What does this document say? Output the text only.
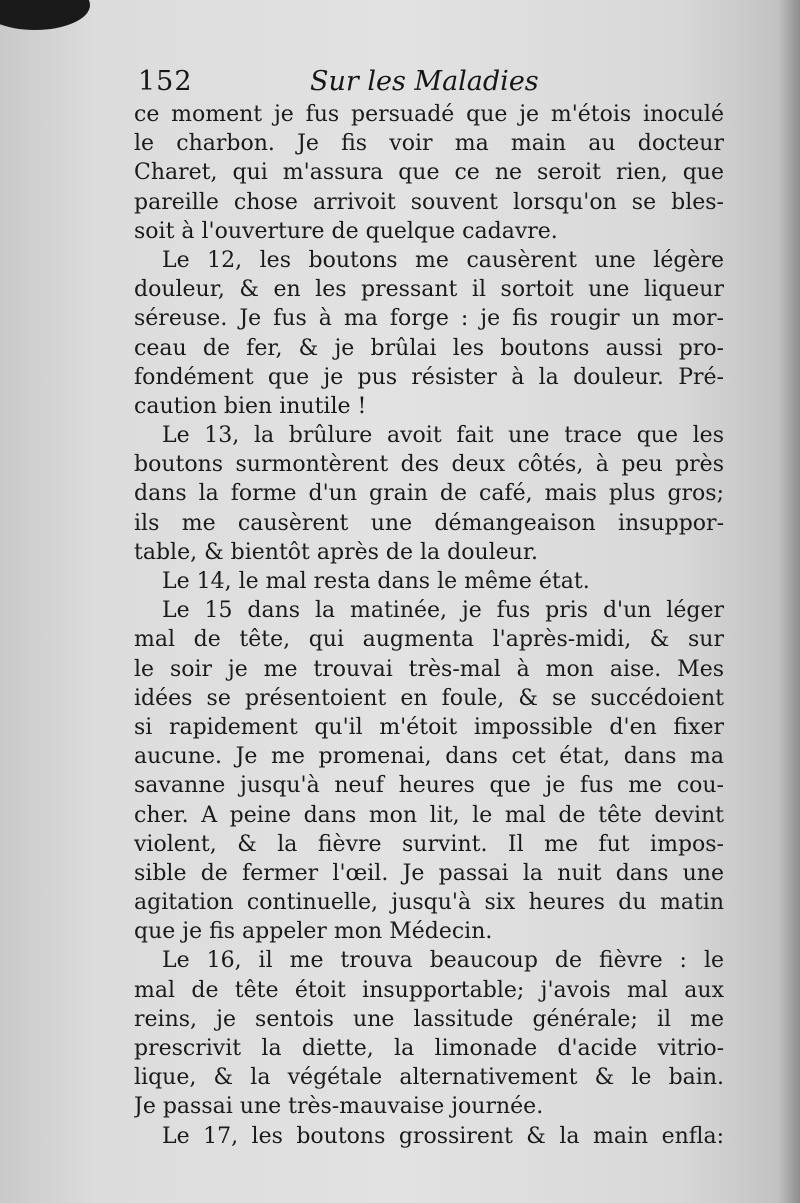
152	Sur les Maladies
ce moment je fus persuadé que je m'étois inoculé
le charbon. Je fis voir ma main au docteur
Charet, qui m'assura que ce ne seroit rien, que
pareille chose arrivoit souvent lorsqu'on se bles-
soit à l'ouverture de quelque cadavre.
Le 12, les boutons me causèrent une légère
douleur, & en les pressant il sortoit une liqueur
séreuse. Je fus à ma forge : je fis rougir un mor-
ceau de fer, & je brûlai les boutons aussi pro-
fondément que je pus résister à la douleur. Pré-
caution bien inutile !
Le 13, la brûlure avoit fait une trace que les
boutons surmontèrent des deux côtés, à peu près
dans la forme d'un grain de café, mais plus gros;
ils me causèrent une démangeaison insuppor-
table, & bientôt après de la douleur.
Le 14, le mal resta dans le même état.
Le 15 dans la matinée, je fus pris d'un léger
mal de tête, qui augmenta l'après-midi, & sur
le soir je me trouvai très-mal à mon aise. Mes
idées se présentoient en foule, & se succédoient
si rapidement qu'il m'étoit impossible d'en fixer
aucune. Je me promenai, dans cet état, dans ma
savanne jusqu'à neuf heures que je fus me cou-
cher. A peine dans mon lit, le mal de tête devint
violent, & la fièvre survint. Il me fut impos-
sible de fermer l'œil. Je passai la nuit dans une
agitation continuelle, jusqu'à six heures du matin
que je fis appeler mon Médecin.
Le 16, il me trouva beaucoup de fièvre : le
mal de tête étoit insupportable; j'avois mal aux
reins, je sentois une lassitude générale; il me
prescrivit la diette, la limonade d'acide vitrio-
lique, & la végétale alternativement & le bain.
Je passai une très-mauvaise journée.
Le 17, les boutons grossirent & la main enfla:
